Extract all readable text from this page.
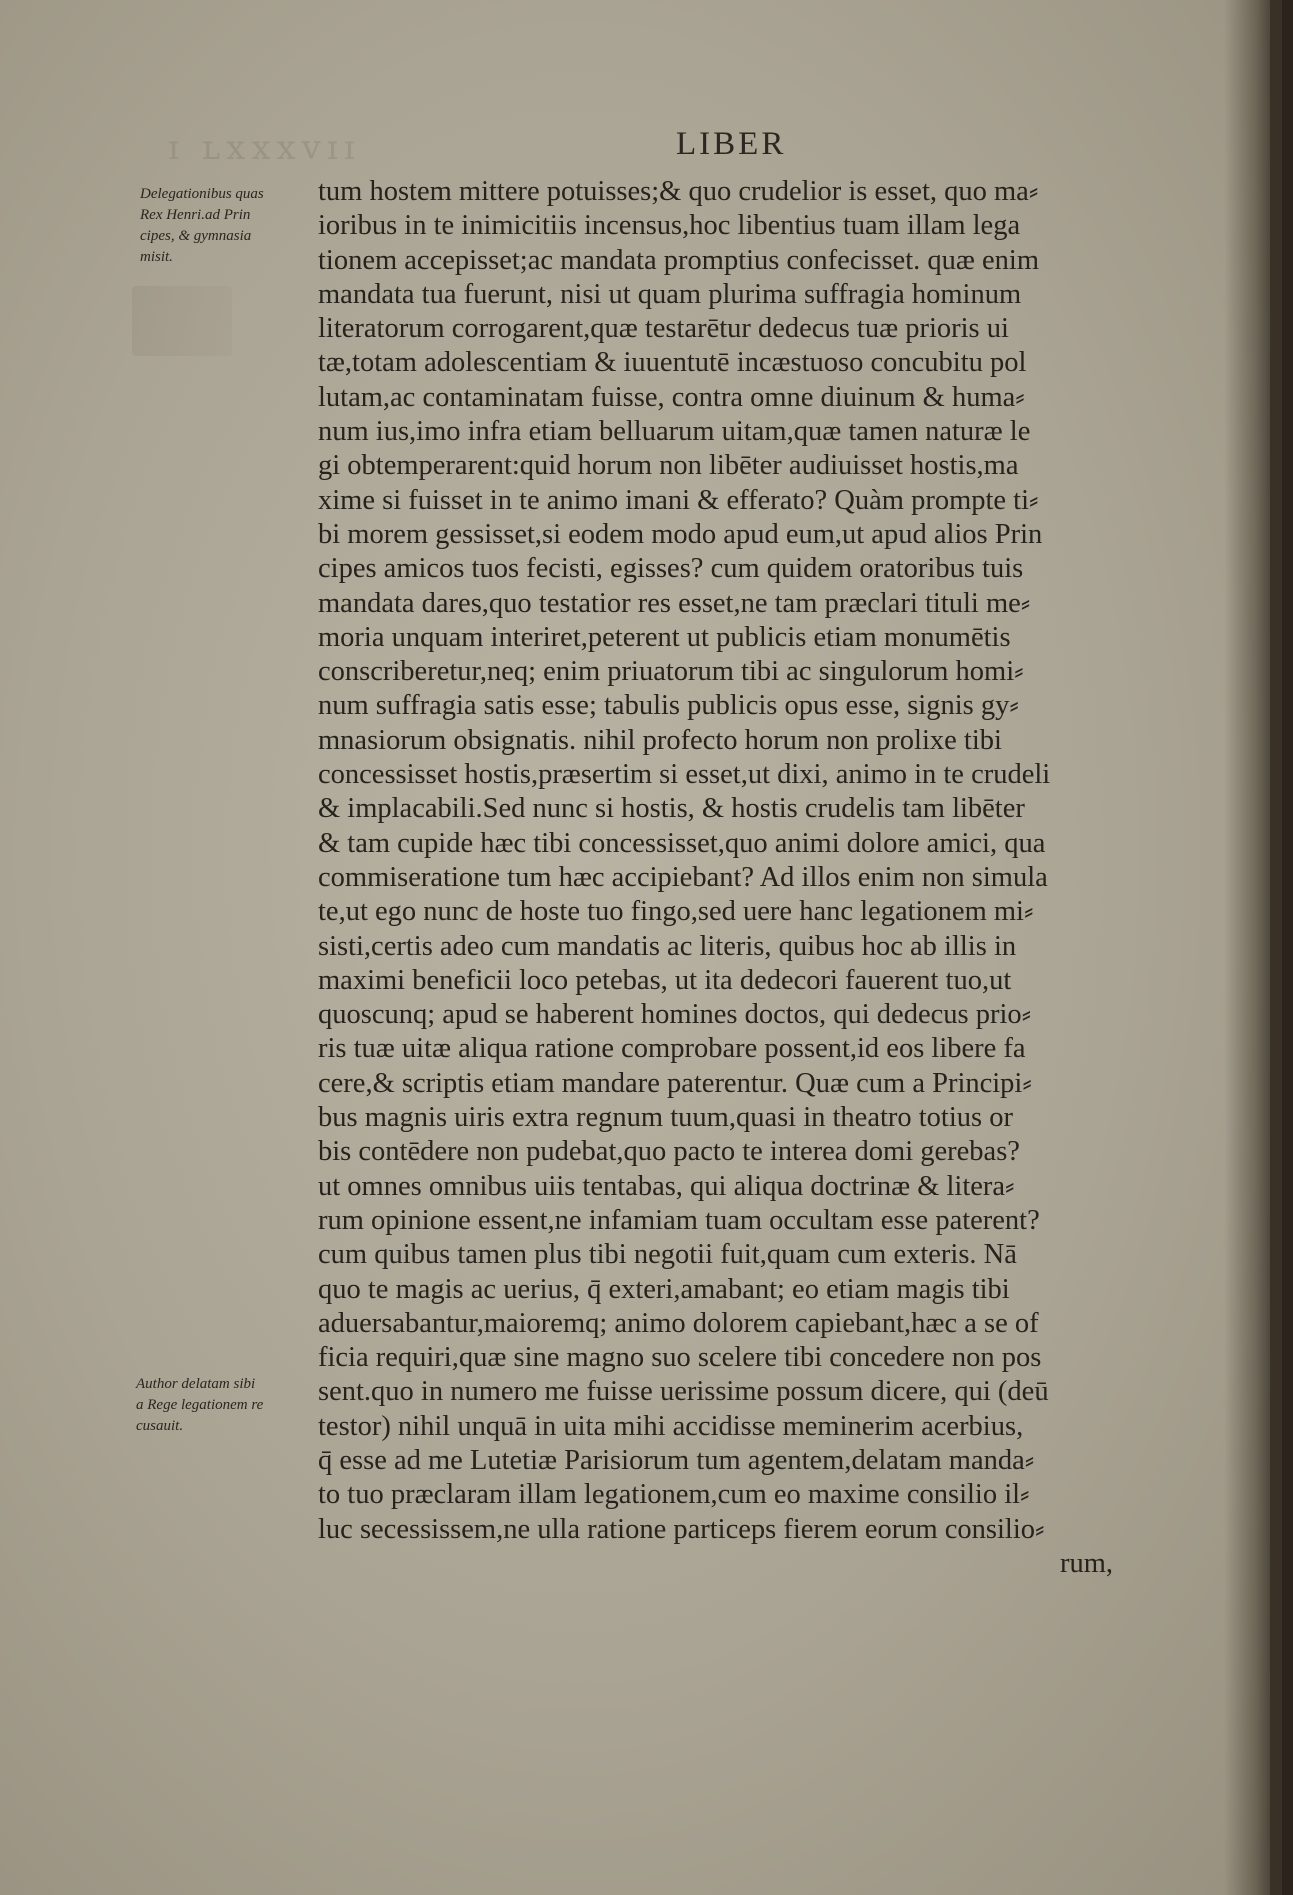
ɪ ʟxxxᴠɪɪ	LIBER
Delegationibus quas
Rex Henri.ad Prin
cipes, & gymnasia
misit.
Author delatam sibi
a Rege legationem re
cusauit.
tum hostem mittere potuisses;& quo crudelior is esset, quo ma⸗
ioribus in te inimicitiis incensus,hoc libentius tuam illam lega
tionem accepisset;ac mandata promptius confecisset. quæ enim
mandata tua fuerunt, nisi ut quam plurima suffragia hominum
literatorum corrogarent,quæ testarētur dedecus tuæ prioris ui
tæ,totam adolescentiam & iuuentutē incæstuoso concubitu pol
lutam,ac contaminatam fuisse, contra omne diuinum & huma⸗
num ius,imo infra etiam belluarum uitam,quæ tamen naturæ le
gi obtemperarent:quid horum non libēter audiuisset hostis,ma
xime si fuisset in te animo imani & efferato? Quàm prompte ti⸗
bi morem gessisset,si eodem modo apud eum,ut apud alios Prin
cipes amicos tuos fecisti, egisses? cum quidem oratoribus tuis
mandata dares,quo testatior res esset,ne tam præclari tituli me⸗
moria unquam interiret,peterent ut publicis etiam monumētis
conscriberetur,neq; enim priuatorum tibi ac singulorum homi⸗
num suffragia satis esse; tabulis publicis opus esse, signis gy⸗
mnasiorum obsignatis. nihil profecto horum non prolixe tibi
concessisset hostis,præsertim si esset,ut dixi, animo in te crudeli
& implacabili.Sed nunc si hostis, & hostis crudelis tam libēter
& tam cupide hæc tibi concessisset,quo animi dolore amici, qua
commiseratione tum hæc accipiebant? Ad illos enim non simula
te,ut ego nunc de hoste tuo fingo,sed uere hanc legationem mi⸗
sisti,certis adeo cum mandatis ac literis, quibus hoc ab illis in
maximi beneficii loco petebas, ut ita dedecori fauerent tuo,ut
quoscunq; apud se haberent homines doctos, qui dedecus prio⸗
ris tuæ uitæ aliqua ratione comprobare possent,id eos libere fa
cere,& scriptis etiam mandare paterentur. Quæ cum a Principi⸗
bus magnis uiris extra regnum tuum,quasi in theatro totius or
bis contēdere non pudebat,quo pacto te interea domi gerebas?
ut omnes omnibus uiis tentabas, qui aliqua doctrinæ & litera⸗
rum opinione essent,ne infamiam tuam occultam esse paterent?
cum quibus tamen plus tibi negotii fuit,quam cum exteris. Nā
quo te magis ac uerius, q̄ exteri,amabant; eo etiam magis tibi
aduersabantur,maioremq; animo dolorem capiebant,hæc a se of
ficia requiri,quæ sine magno suo scelere tibi concedere non pos
sent.quo in numero me fuisse uerissime possum dicere, qui (deū
testor) nihil unquā in uita mihi accidisse meminerim acerbius,
q̄ esse ad me Lutetiæ Parisiorum tum agentem,delatam manda⸗
to tuo præclaram illam legationem,cum eo maxime consilio il⸗
luc secessissem,ne ulla ratione particeps fierem eorum consilio⸗
rum,
